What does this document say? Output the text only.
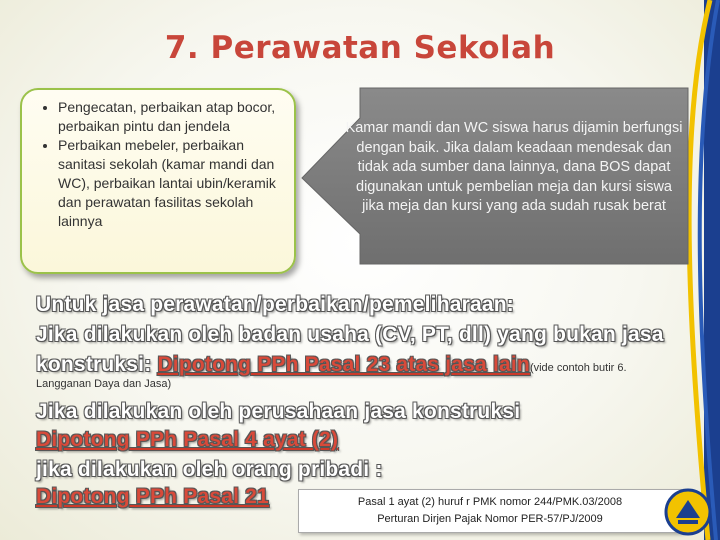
7. Perawatan Sekolah
• Pengecatan, perbaikan atap bocor, perbaikan pintu dan jendela
• Perbaikan mebeler, perbaikan sanitasi sekolah (kamar mandi dan WC), perbaikan lantai ubin/keramik dan perawatan fasilitas sekolah lainnya
Kamar mandi dan WC siswa harus dijamin berfungsi dengan baik. Jika dalam keadaan mendesak dan tidak ada sumber dana lainnya, dana BOS dapat digunakan untuk pembelian meja dan kursi siswa jika meja dan kursi yang ada sudah rusak berat
Untuk jasa perawatan/perbaikan/pemeliharaan:
Jika dilakukan oleh badan usaha (CV, PT, dll) yang bukan jasa
konstruksi: Dipotong PPh Pasal 23 atas jasa lain(vide contoh butir 6.
Langganan Daya dan Jasa)
Jika dilakukan oleh perusahaan jasa konstruksi
Dipotong PPh Pasal 4 ayat (2)
jika dilakukan oleh orang pribadi :
Dipotong PPh Pasal 21	Pasal 1 ayat (2) huruf r PMK nomor 244/PMK.03/2008
Perturan Dirjen Pajak Nomor PER-57/PJ/2009
